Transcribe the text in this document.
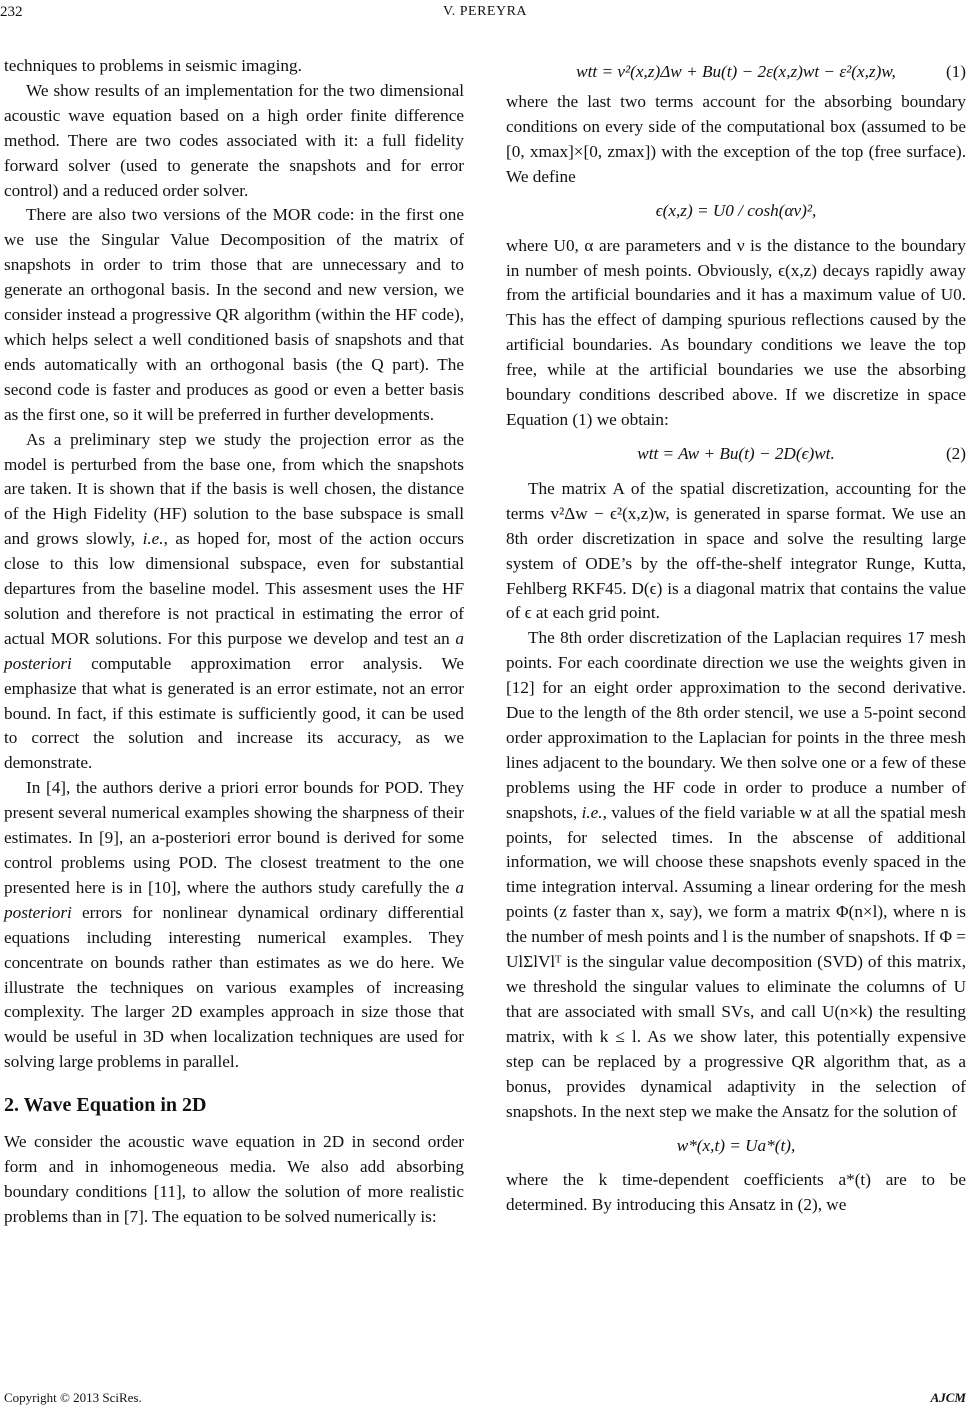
232	V. PEREYRA

techniques to problems in seismic imaging.

We show results of an implementation for the two dimensional acoustic wave equation based on a high order finite difference method. There are two codes associated with it: a full fidelity forward solver (used to generate the snapshots and for error control) and a reduced order solver.

There are also two versions of the MOR code: in the first one we use the Singular Value Decomposition of the matrix of snapshots in order to trim those that are unnecessary and to generate an orthogonal basis. In the second and new version, we consider instead a progressive QR algorithm (within the HF code), which helps select a well conditioned basis of snapshots and that ends automatically with an orthogonal basis (the Q part). The second code is faster and produces as good or even a better basis as the first one, so it will be preferred in further developments.

As a preliminary step we study the projection error as the model is perturbed from the base one, from which the snapshots are taken. It is shown that if the basis is well chosen, the distance of the High Fidelity (HF) solution to the base subspace is small and grows slowly, i.e., as hoped for, most of the action occurs close to this low dimensional subspace, even for substantial departures from the baseline model. This assesment uses the HF solution and therefore is not practical in estimating the error of actual MOR solutions. For this purpose we develop and test an a posteriori computable approximation error analysis. We emphasize that what is generated is an error estimate, not an error bound. In fact, if this estimate is sufficiently good, it can be used to correct the solution and increase its accuracy, as we demonstrate.

In [4], the authors derive a priori error bounds for POD. They present several numerical examples showing the sharpness of their estimates. In [9], an a-posteriori error bound is derived for some control problems using POD. The closest treatment to the one presented here is in [10], where the authors study carefully the a posteriori errors for nonlinear dynamical ordinary differential equations including interesting numerical examples. They concentrate on bounds rather than estimates as we do here. We illustrate the techniques on various examples of increasing complexity. The larger 2D examples approach in size those that would be useful in 3D when localization techniques are used for solving large problems in parallel.

2. Wave Equation in 2D

We consider the acoustic wave equation in 2D in second order form and in inhomogeneous media. We also add absorbing boundary conditions [11], to allow the solution of more realistic problems than in [7]. The equation to be solved numerically is:

wtt = v²(x,z)Δw + Bu(t) − 2ε(x,z)wt − ε²(x,z)w,	(1)

where the last two terms account for the absorbing boundary conditions on every side of the computational box (assumed to be [0, xmax]×[0, zmax]) with the exception of the top (free surface). We define

ϵ(x,z) = U0 / cosh(αν)²,

where U0, α are parameters and ν is the distance to the boundary in number of mesh points. Obviously, ϵ(x,z) decays rapidly away from the artificial boundaries and it has a maximum value of U0. This has the effect of damping spurious reflections caused by the artificial boundaries. As boundary conditions we leave the top free, while at the artificial boundaries we use the absorbing boundary conditions described above. If we discretize in space Equation (1) we obtain:

wtt = Aw + Bu(t) − 2D(ϵ)wt.	(2)

The matrix A of the spatial discretization, accounting for the terms v²Δw − ϵ²(x,z)w, is generated in sparse format. We use an 8th order discretization in space and solve the resulting large system of ODE’s by the off-the-shelf integrator Runge, Kutta, Fehlberg RKF45. D(ϵ) is a diagonal matrix that contains the value of ϵ at each grid point.

The 8th order discretization of the Laplacian requires 17 mesh points. For each coordinate direction we use the weights given in [12] for an eight order approximation to the second derivative. Due to the length of the 8th order stencil, we use a 5-point second order approximation to the Laplacian for points in the three mesh lines adjacent to the boundary. We then solve one or a few of these problems using the HF code in order to produce a number of snapshots, i.e., values of the field variable w at all the spatial mesh points, for selected times. In the abscense of additional information, we will choose these snapshots evenly spaced in the time integration interval. Assuming a linear ordering for the mesh points (z faster than x, say), we form a matrix Φ(n×l), where n is the number of mesh points and l is the number of snapshots. If Φ = UlΣlVlᵀ is the singular value decomposition (SVD) of this matrix, we threshold the singular values to eliminate the columns of U that are associated with small SVs, and call U(n×k) the resulting matrix, with k ≤ l. As we show later, this potentially expensive step can be replaced by a progressive QR algorithm that, as a bonus, provides dynamical adaptivity in the selection of snapshots. In the next step we make the Ansatz for the solution of

w*(x,t) = Ua*(t),

where the k time-dependent coefficients a*(t) are to be determined. By introducing this Ansatz in (2), we

Copyright © 2013 SciRes.	AJCM
